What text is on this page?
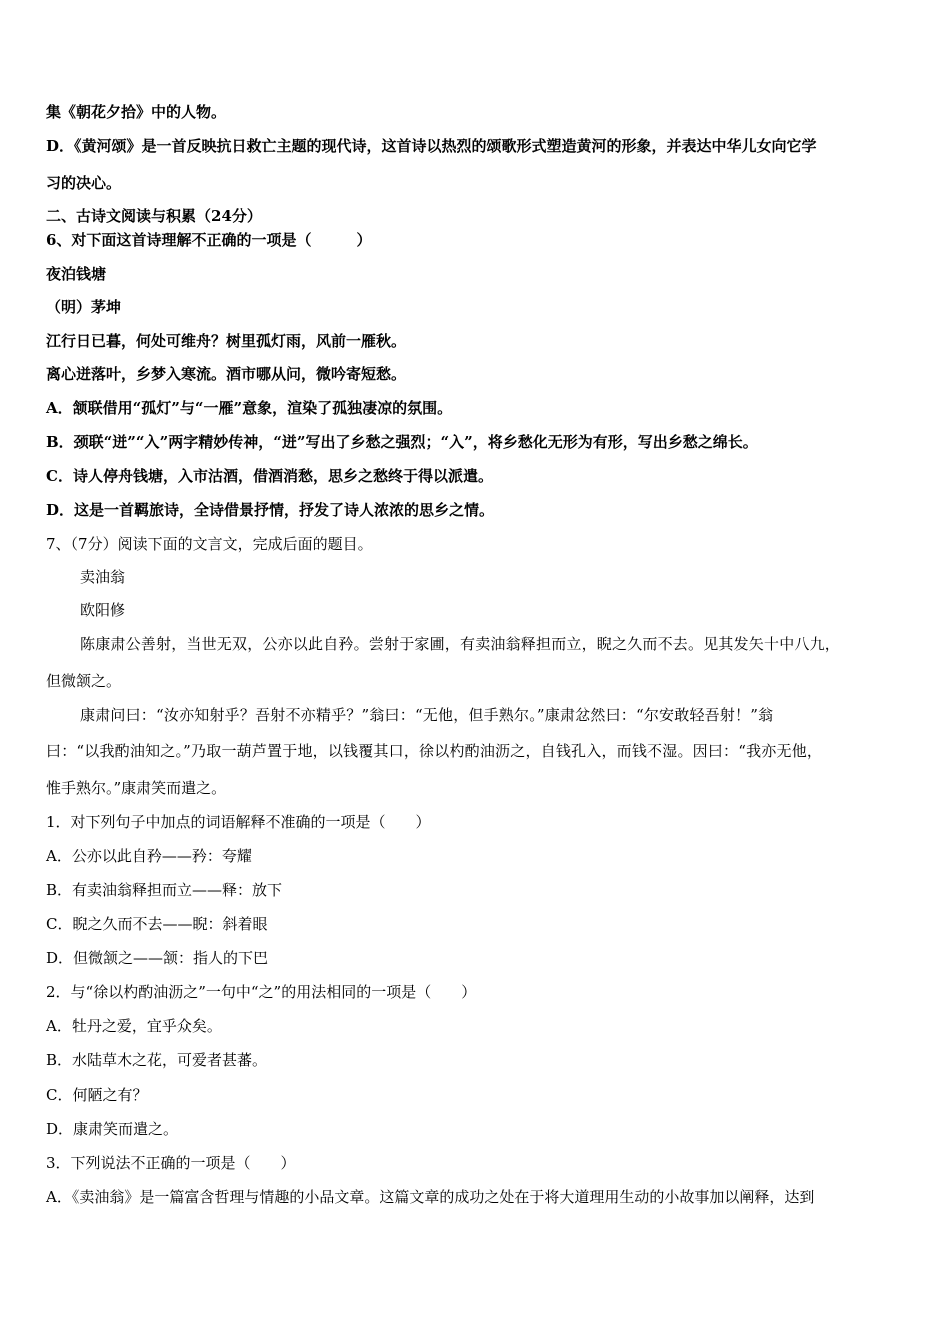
集《朝花夕拾》中的人物。

D．《黄河颂》是一首反映抗日救亡主题的现代诗，这首诗以热烈的颂歌形式塑造黄河的形象，并表达中华儿女向它学

习的决心。

二、古诗文阅读与积累（24分）

6、对下面这首诗理解不正确的一项是（　　　）

夜泊钱塘

（明）茅坤

江行日已暮，何处可维舟？树里孤灯雨，风前一雁秋。

离心迸落叶，乡梦入寒流。酒市哪从问，微吟寄短愁。

A．颔联借用“孤灯”与“一雁”意象，渲染了孤独凄凉的氛围。

B．颈联“迸”“入”两字精妙传神，“迸”写出了乡愁之强烈；“入”，将乡愁化无形为有形，写出乡愁之绵长。

C．诗人停舟钱塘，入市沽酒，借酒消愁，思乡之愁终于得以派遣。

D．这是一首羁旅诗，全诗借景抒情，抒发了诗人浓浓的思乡之情。

7、（7分）阅读下面的文言文，完成后面的题目。

卖油翁

欧阳修

陈康肃公善射，当世无双，公亦以此自矜。尝射于家圃，有卖油翁释担而立，睨之久而不去。见其发矢十中八九，

但微颔之。

康肃问曰：“汝亦知射乎？吾射不亦精乎？”翁曰：“无他，但手熟尔。”康肃忿然曰：“尔安敢轻吾射！”翁

曰：“以我酌油知之。”乃取一葫芦置于地，以钱覆其口，徐以杓酌油沥之，自钱孔入，而钱不湿。因曰：“我亦无他，

惟手熟尔。”康肃笑而遣之。

1．对下列句子中加点的词语解释不准确的一项是（　　）

A．公亦以此自矜——矜：夸耀

B．有卖油翁释担而立——释：放下

C．睨之久而不去——睨：斜着眼

D．但微颔之——颔：指人的下巴

2．与“徐以杓酌油沥之”一句中“之”的用法相同的一项是（　　）

A．牡丹之爱，宜乎众矣。

B．水陆草木之花，可爱者甚蕃。

C．何陋之有？

D．康肃笑而遣之。

3．下列说法不正确的一项是（　　）

A．《卖油翁》是一篇富含哲理与情趣的小品文章。这篇文章的成功之处在于将大道理用生动的小故事加以阐释，达到
